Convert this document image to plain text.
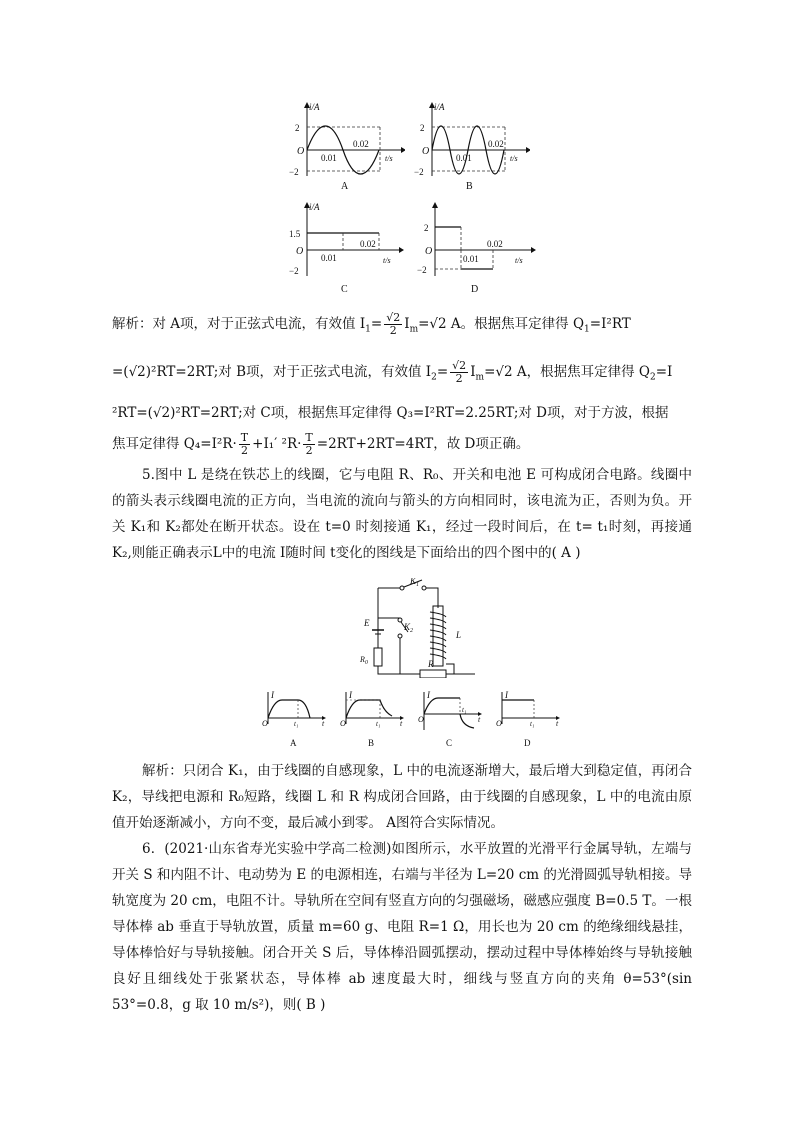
i/A
2
O
−2
0.01
0.02
t/s
A
i/A
2
O
−2
0.01
0.02
t/s
B
i/A
1.5
O
−2
0.01
0.02
t/s
C
2
O
−2
0.01
0.02
t/s
D
解析：对 A项，对于正弦式电流，有效值 $I_1= \frac{√2}{2} I_m=√2$ A。根据焦耳定律得 $Q_1=I^2RT$
=(√2)²RT=2RT;对 B项，对于正弦式电流，有效值 $I_2= \frac{√2}{2} I_m=√2$ A，根据焦耳定律得 $Q_2=I$
²RT=(√2)²RT=2RT;对 C项，根据焦耳定律得 Q₃=I²RT=2.25RT;对 D项，对于方波，根据
焦耳定律得 $Q_4=I^2R\cdot \frac{T}{2} +I_1'$ $^2R\cdot \frac{T}{2} =2RT+2RT=4RT$，故 D项正确。
5.图中 L 是绕在铁芯上的线圈，它与电阻 R、R₀、开关和电池 E 可构成闭合电路。线圈中的箭头表示线圈电流的正方向，当电流的流向与箭头的方向相同时，该电流为正，否则为负。开关 K₁和 K₂都处在断开状态。设在 t=0 时刻接通 K₁，经过一段时间后，在 t= t₁时刻，再接通 K₂,则能正确表示L中的电流 I随时间 t变化的图线是下面给出的四个图中的( A )
$K_1$
E	$K_2$	L
$R_0$	R
I
O	t₁	t
A
I
O	t₁ t
B
I
O
t₁
t
C
I
O	t₁	t
D
解析：只闭合 K₁，由于线圈的自感现象，L 中的电流逐渐增大，最后增大到稳定值，再闭合 K₂，导线把电源和 R₀短路，线圈 L 和 R 构成闭合回路，由于线圈的自感现象，L 中的电流由原值开始逐渐减小，方向不变，最后减小到零。 A图符合实际情况。
6．(2021·山东省寿光实验中学高二检测)如图所示，水平放置的光滑平行金属导轨，左端与开关 S 和内阻不计、电动势为 E 的电源相连，右端与半径为 L=20 cm 的光滑圆弧导轨相接。导轨宽度为 20 cm，电阻不计。导轨所在空间有竖直方向的匀强磁场，磁感应强度 B=0.5 T。一根导体棒 ab 垂直于导轨放置，质量 m=60 g、电阻 R=1 Ω，用长也为 20 cm 的绝缘细线悬挂，导体棒恰好与导轨接触。闭合开关 S 后，导体棒沿圆弧摆动，摆动过程中导体棒始终与导轨接触良好且细线处于张紧状态，导体棒 ab 速度最大时，细线与竖直方向的夹角 θ=53°(sin 53°=0.8，g 取 10 m/s²)，则( B )
